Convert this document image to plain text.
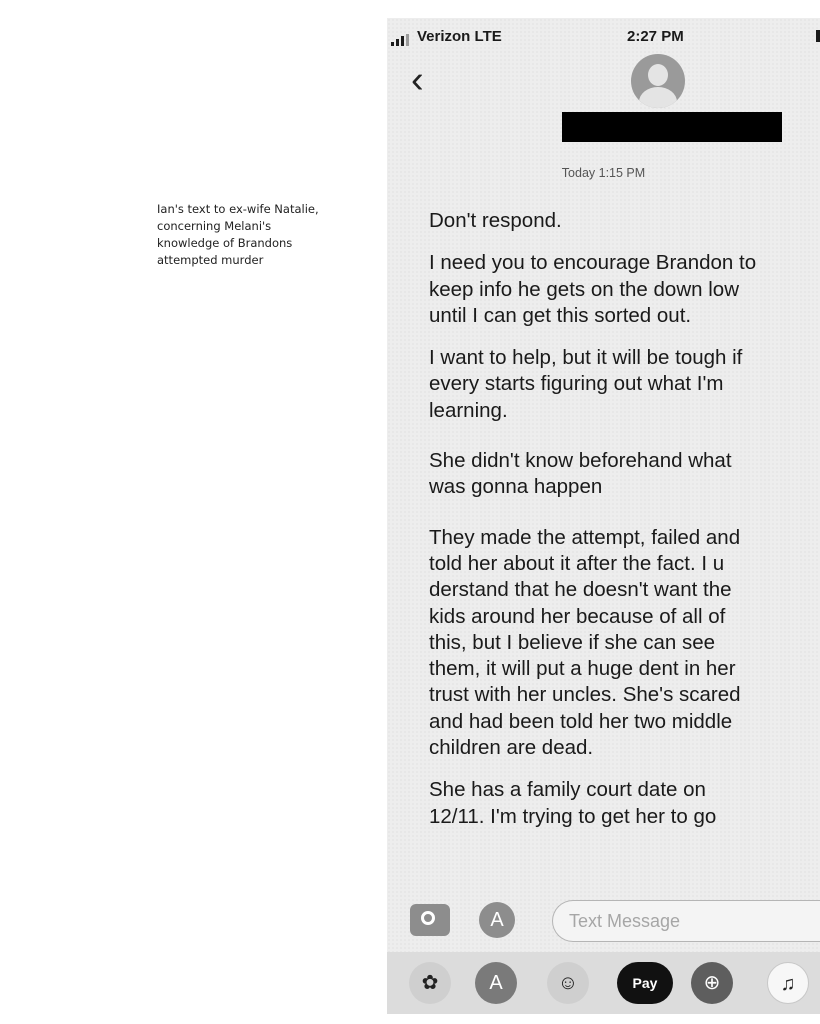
Ian's text to ex-wife Natalie,
concerning Melani's
knowledge of Brandons
attempted murder
Verizon LTE	2:27 PM
‹
Today 1:15 PM
Don't respond.
I need you to encourage Brandon to
keep info he gets on the down low
until I can get this sorted out.
I want to help, but it will be tough if
every starts figuring out what I'm
learning.
She didn't know beforehand what
was gonna happen
They made the attempt, failed and
told her about it after the fact. I u
derstand that he doesn't want the
kids around her because of all of
this, but I believe if she can see
them, it will put a huge dent in her
trust with her uncles. She's scared
and had been told her two middle
children are dead.
She has a family court date on
12/11. I'm trying to get her to go
A
Text Message
✿	A	☺	Pay	⊕	♫
